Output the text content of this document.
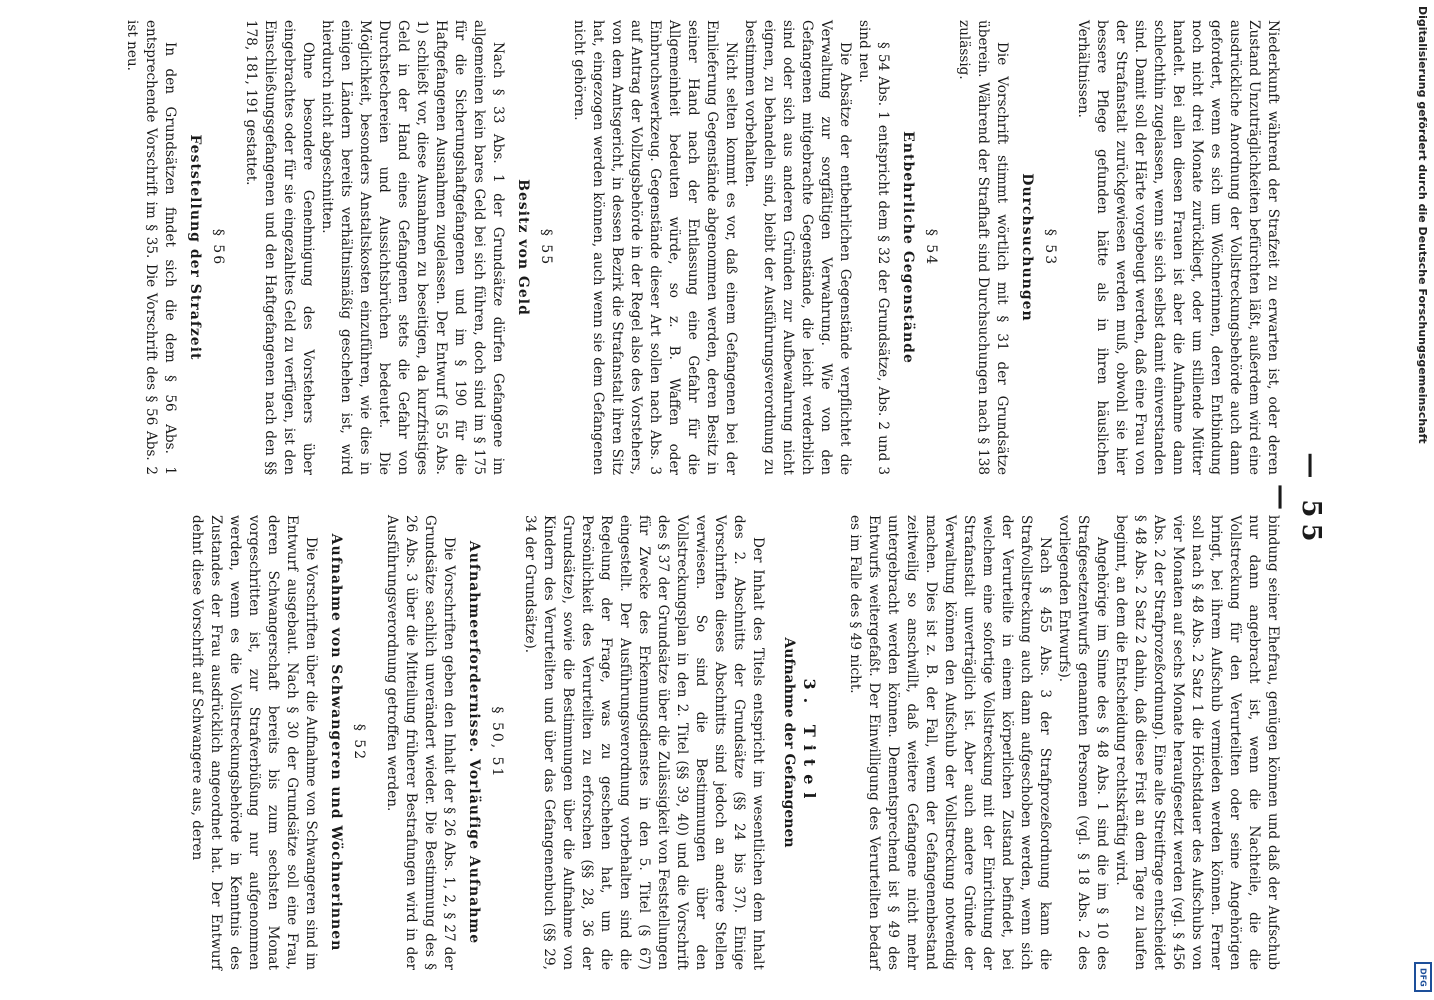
— 55 —

Niederkunft während der Strafzeit zu erwarten ist, oder deren Zustand Unzuträglichkeiten befürchten läßt, außerdem wird eine ausdrückliche Anordnung der Vollstreckungsbehörde auch dann gefordert, wenn es sich um Wöchnerinnen, deren Entbindung noch nicht drei Monate zurückliegt, oder um stillende Mütter handelt. Bei allen diesen Frauen ist aber die Aufnahme dann schlechthin zugelassen, wenn sie sich selbst damit einverstanden sind. Damit soll der Härte vorgebeugt werden, daß eine Frau von der Strafanstalt zurückgewiesen werden muß, obwohl sie hier bessere Pflege gefunden hätte als in ihren häuslichen Verhältnissen.

§ 53
Durchsuchungen

Die Vorschrift stimmt wörtlich mit § 31 der Grundsätze überein. Während der Strafhaft sind Durchsuchungen nach § 138 zulässig.

§ 54
Entbehrliche Gegenstände

§ 54 Abs. 1 entspricht dem § 32 der Grundsätze, Abs. 2 und 3 sind neu.

Die Absätze der entbehrlichen Gegenstände verpflichtet die Verwaltung zur sorgfältigen Verwahrung. Wie von den Gefangenen mitgebrachte Gegenstände, die leicht verderblich sind oder sich aus anderen Gründen zur Aufbewahrung nicht eignen, zu behandeln sind, bleibt der Ausführungsverordnung zu bestimmen vorbehalten.

Nicht selten kommt es vor, daß einem Gefangenen bei der Einlieferung Gegenstände abgenommen werden, deren Besitz in seiner Hand nach der Entlassung eine Gefahr für die Allgemeinheit bedeuten würde, so z. B. Waffen oder Einbruchswerkzeug. Gegenstände dieser Art sollen nach Abs. 3 auf Antrag der Vollzugsbehörde in der Regel also des Vorstehers, von dem Amtsgericht, in dessen Bezirk die Strafanstalt ihren Sitz hat, eingezogen werden können, auch wenn sie dem Gefangenen nicht gehören.

§ 55
Besitz von Geld

Nach § 33 Abs. 1 der Grundsätze dürfen Gefangene im allgemeinen kein bares Geld bei sich führen, doch sind im § 175 für die Sicherungshaftgefangenen und im § 190 für die Haftgefangenen Ausnahmen zugelassen. Der Entwurf (§ 55 Abs. 1) schließt vor, diese Ausnahmen zu beseitigen, da kurzfristiges Geld in der Hand eines Gefangenen stets die Gefahr von Durchstechereien und Aussichtsbrüchen bedeutet. Die Möglichkeit, besonders Anstaltskosten einzuführen, wie dies in einigen Ländern bereits verhältnismäßig geschehen ist, wird hierdurch nicht abgeschnitten.

Ohne besondere Genehmigung des Vorstehers über eingebrachtes oder für sie eingezahltes Geld zu verfügen, ist den Einschließungsgefangenen und den Haftgefangenen nach den §§ 178, 181, 191 gestattet.

§ 56
Feststellung der Strafzeit

In den Grundsätzen findet sich die dem § 56 Abs. 1 entsprechende Vorschrift im § 35. Die Vorschrift des § 56 Abs. 2 ist neu.

bindung seiner Ehefrau, genügen können und daß der Aufschub nur dann angebracht ist, wenn die Nachteile, die die Vollstreckung für den Verurteilten oder seine Angehörigen bringt, bei ihrem Aufschub vermieden werden können. Ferner soll nach § 48 Abs. 2 Satz 1 die Höchstdauer des Aufschubs von vier Monaten auf sechs Monate heraufgesetzt werden (vgl. § 456 Abs. 2 der Strafprozeßordnung). Eine alte Streitfrage entscheidet § 48 Abs. 2 Satz 2 dahin, daß diese Frist an dem Tage zu laufen beginnt, an dem die Entscheidung rechtskräftig wird.

Angehörige im Sinne des § 48 Abs. 1 sind die im § 10 des Strafgesetzentwurfs genannten Personen (vgl. § 18 Abs. 2 des vorliegenden Entwurfs).

Nach § 455 Abs. 3 der Strafprozeßordnung kann die Strafvollstreckung auch dann aufgeschoben werden, wenn sich der Verurteilte in einem körperlichen Zustand befindet, bei welchem eine sofortige Vollstreckung mit der Einrichtung der Strafanstalt unverträglich ist. Aber auch andere Gründe der Verwaltung können den Aufschub der Vollstreckung notwendig machen. Dies ist z. B. der Fall, wenn der Gefangenenbestand zeitweilig so anschwillt, daß weitere Gefangene nicht mehr untergebracht werden können. Dementsprechend ist § 49 des Entwurfs weitergefaßt. Der Einwilligung des Verurteilten bedarf es im Falle des § 49 nicht.

3. Titel
Aufnahme der Gefangenen

Der Inhalt des Titels entspricht im wesentlichen dem Inhalt des 2. Abschnitts der Grundsätze (§§ 24 bis 37). Einige Vorschriften dieses Abschnitts sind jedoch an andere Stellen verwiesen. So sind die Bestimmungen über den Vollstreckungsplan in den 2. Titel (§§ 39, 40) und die Vorschrift des § 37 der Grundsätze über die Zulässigkeit von Feststellungen für Zwecke des Erkennungsdienstes in den 5. Titel (§ 67) eingestellt. Der Ausführungsverordnung vorbehalten sind die Regelung der Frage, was zu geschehen hat, um die Persönlichkeit des Verurteilten zu erforschen (§§ 28, 36 der Grundsätze), sowie die Bestimmungen über die Aufnahme von Kindern des Verurteilten und über das Gefangenenbuch (§§ 29, 34 der Grundsätze).

§ 50, 51
Aufnahmeerfordernisse. Vorläufige Aufnahme

Die Vorschriften geben den Inhalt der § 26 Abs. 1, 2, § 27 der Grundsätze sachlich unverändert wieder. Die Bestimmung des § 26 Abs. 3 über die Mitteilung früherer Bestrafungen wird in der Ausführungsverordnung getroffen werden.

§ 52
Aufnahme von Schwangeren und Wöchnerinnen

Die Vorschriften über die Aufnahme von Schwangeren sind im Entwurf ausgebaut. Nach § 30 der Grundsätze soll eine Frau, deren Schwangerschaft bereits bis zum sechsten Monat vorgeschritten ist, zur Strafverbüßung nur aufgenommen werden, wenn es die Vollstreckungsbehörde in Kenntnis des Zustandes der Frau ausdrücklich angeordnet hat. Der Entwurf dehnt diese Vorschrift auf Schwangere aus, deren

Digitalisierung gefördert durch die Deutsche Forschungsgemeinschaft
DFG
